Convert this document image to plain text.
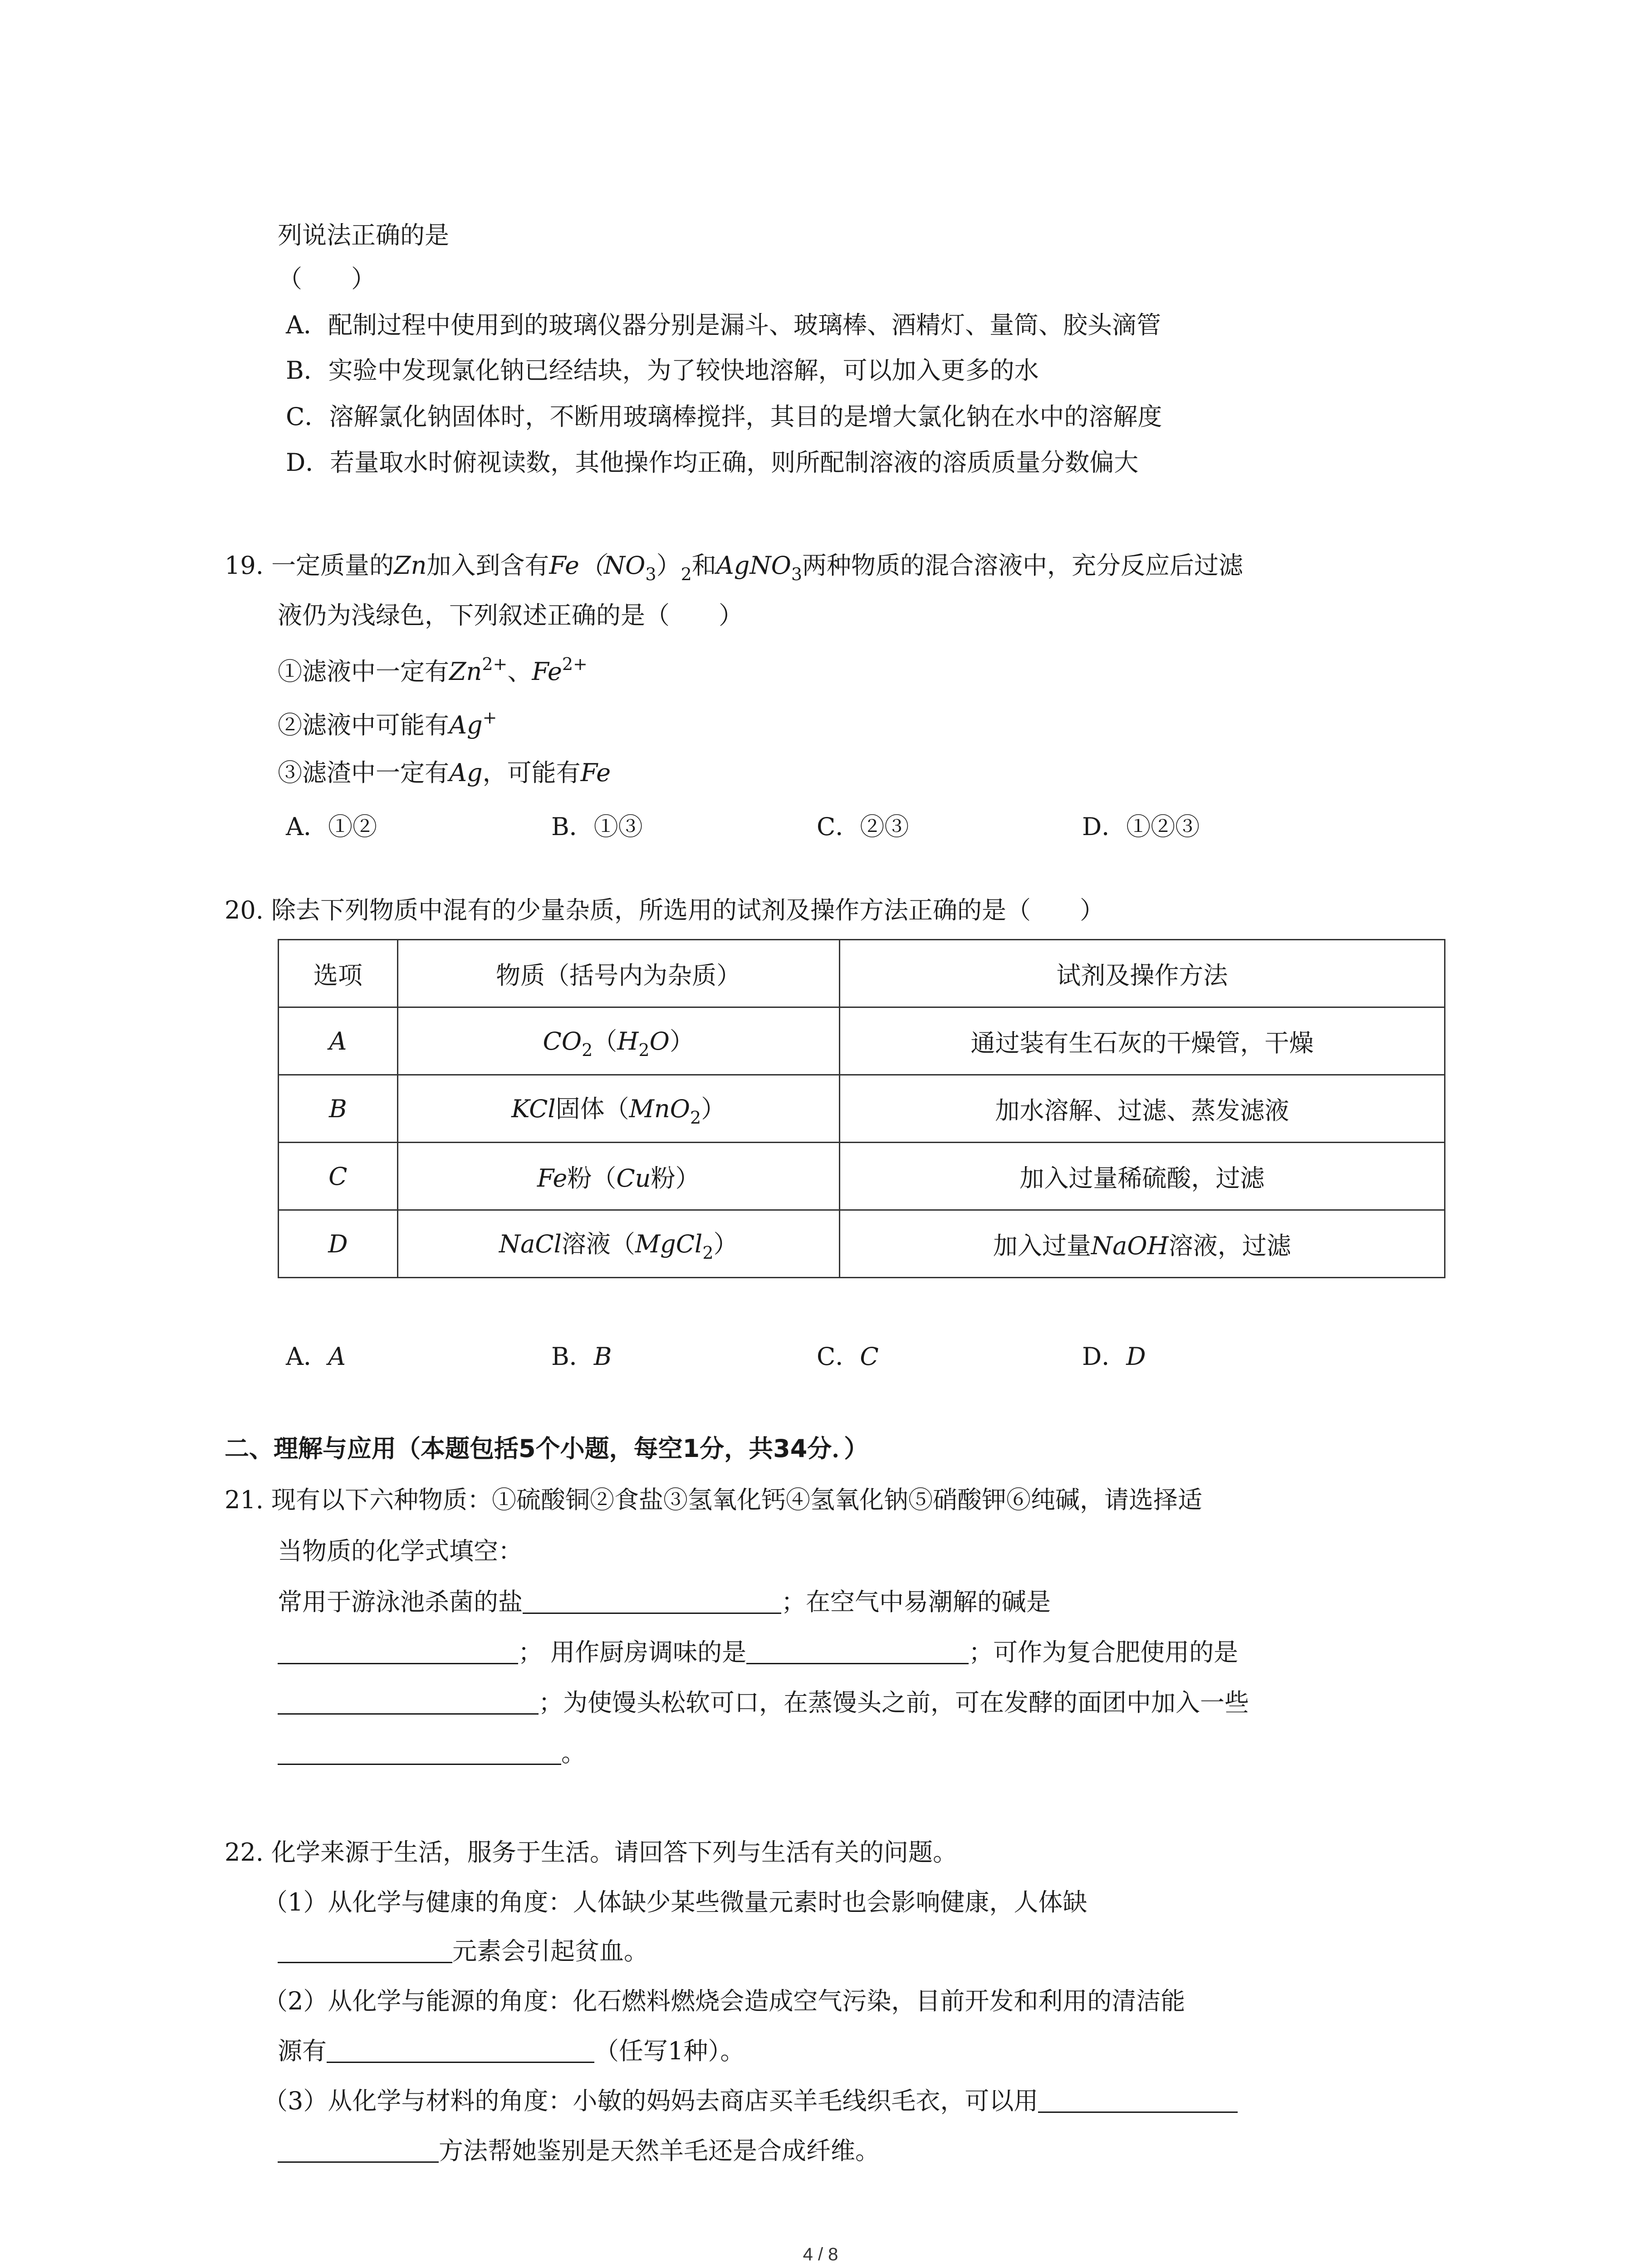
列说法正确的是
（　　）
A．配制过程中使用到的玻璃仪器分别是漏斗、玻璃棒、酒精灯、量筒、胶头滴管
B．实验中发现氯化钠已经结块，为了较快地溶解，可以加入更多的水
C．溶解氯化钠固体时，不断用玻璃棒搅拌，其目的是增大氯化钠在水中的溶解度
D．若量取水时俯视读数，其他操作均正确，则所配制溶液的溶质质量分数偏大
19. 一定质量的Zn加入到含有$Fe(NO_3)_2$和AgNO$_3$两种物质的混合溶液中，充分反应后过滤
液仍为浅绿色，下列叙述正确的是（　　）
①滤液中一定有$Zn^{2+}$、$Fe^{2+}$
②滤液中可能有Ag+
③滤渣中一定有Ag，可能有Fe
A．①②	B．①③	C．②③	D．①②③
20. 除去下列物质中混有的少量杂质，所选用的试剂及操作方法正确的是（　　）
选项	物质（括号内为杂质）	试剂及操作方法
A	$CO_2(H_2O)$	通过装有生石灰的干燥管，干燥
B	KCl固体（MnO$_2$）	加水溶解、过滤、蒸发滤液
C	Fe粉（Cu粉）	加入过量稀硫酸，过滤
D	NaCl溶液（MgCl$_2$）	加入过量NaOH溶液，过滤
A．A	B．B	C．C	D．D
二、理解与应用（本题包括5个小题，每空1分，共34分．）
21. 现有以下六种物质：①硫酸铜②食盐③氢氧化钙④氢氧化钠⑤硝酸钾⑥纯碱，请选择适
当物质的化学式填空：
常用于游泳池杀菌的盐	；在空气中易潮解的碱是
； 用作厨房调味的是	；可作为复合肥使用的是
；为使馒头松软可口，在蒸馒头之前，可在发酵的面团中加入一些
。
22. 化学来源于生活，服务于生活。请回答下列与生活有关的问题。
（1）从化学与健康的角度：人体缺少某些微量元素时也会影响健康，人体缺
元素会引起贫血。
（2）从化学与能源的角度：化石燃料燃烧会造成空气污染，目前开发和利用的清洁能
源有	（任写1种）。
（3）从化学与材料的角度：小敏的妈妈去商店买羊毛线织毛衣，可以用
方法帮她鉴别是天然羊毛还是合成纤维。
4 / 8
